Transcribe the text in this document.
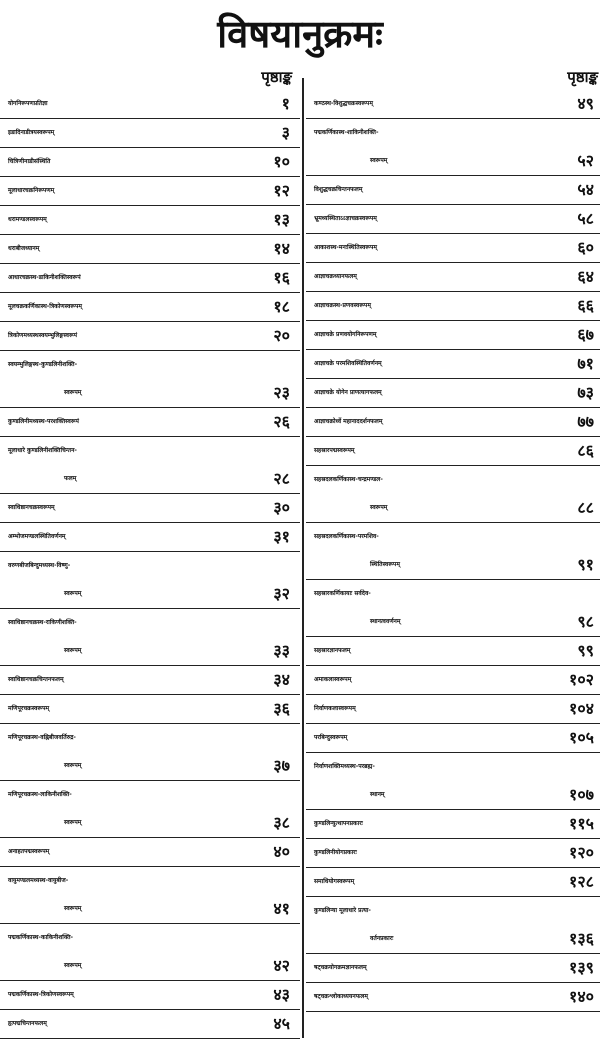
विषयानुक्रमः
पृष्ठाङ्क
योगनिरूपणप्रतिज्ञा	१
इडादिनाडीत्रयस्वरूपम्	३
चित्रिणीनाडीसंस्थिति	१०
मूलाधारचक्रनिरूपणम्	१२
धरामण्डलस्वरूपम्	१३
धराबीजध्यानम्	१४
आधारचक्रस्थ-डाकिनीशक्तिस्वरूपं	१६
मूलचक्रकर्णिकास्थ-त्रिकोणस्वरूपम्	१८
त्रिकोणमध्यस्थस्वयम्भुलिङ्गस्वरूपं	२०
स्वयम्भुलिङ्गस्थ-कुण्डलिनीशक्ति-
स्वरूपम्	२३
कुण्डलिनीमध्यस्थ-परशक्तिस्वरूपं	२६
मूलाधारे कुण्डलिनीशक्तिचिन्तन-
फलम्	२८
स्वाधिष्ठानचक्रस्वरूपम्	३०
अम्भोजमण्डलस्थितिवर्णनम्	३१
वरुणबीजबिन्दुमध्यस्थ-विष्णु-
स्वरूपम्	३२
स्वाधिष्ठानचक्रस्थ-राकिणीशक्ति-
स्वरूपम्	३३
स्वाधिष्ठानचक्रचिन्तनफलम्	३४
मणिपूरचक्रस्वरूपम्	३६
मणिपूरचक्रस्थ-वह्निबीजवर्तिरुद्र-
स्वरूपम्	३७
मणिपूरचक्रस्थ-लाकिनीशक्ति-
स्वरूपम्	३८
अनाहतपद्मस्वरूपम्	४०
वायुमण्डलमध्यस्थ-वायुबीज-
स्वरूपम्	४१
पद्मकर्णिकास्थ-काकिनीशक्ति-
स्वरूपम्	४२
पद्मकर्णिकास्थ-त्रिकोणस्वरूपम्	४३
हृत्पद्मचिन्तनफलम्	४५
पृष्ठाङ्क
कण्ठस्थ-विशुद्धचक्रस्वरूपम्	४९
पद्मकर्णिकास्थ-शाकिनीशक्ति-
स्वरूपम्	५२
विशुद्धचक्रचिन्तनफलम्	५४
भ्रूमध्यस्थिताऽऽज्ञाचक्रस्वरूपम्	५८
आकाशस्थ-मनःस्थितिस्वरूपम्	६०
आज्ञाचक्रध्यानफलम्	६४
आज्ञाचक्रस्थ-प्रणवस्वरूपम्	६६
आज्ञाचक्रे प्रणवयोगनिरूपणम्	६७
आज्ञाचक्रे परमशिवस्थितिवर्णनम्	७१
आज्ञाचक्रे योगेन प्राणत्यागफलम्	७३
आज्ञाचक्रोर्ध्वे महानाददर्शनफलम्	७७
सहस्रारपद्मस्वरूपम्	८६
सहस्रदलकर्णिकास्थ-चन्द्रमण्डल-
स्वरूपम्	८८
सहस्रदलकर्णिकास्थ-परमशिव-
स्थितिस्वरूपम्	९१
सहस्रारकर्णिकायाः सर्वदेव-
स्थानत्ववर्णनम्	९८
सहस्रारज्ञानफलम्	९९
अमाकलास्वरूपम्	१०२
निर्वाणकलास्वरूपम्	१०४
परबिन्दुस्वरूपम्	१०५
निर्वाणशक्तिमध्यस्थ-परब्रह्म-
स्थानम्	१०७
कुण्डलिन्युत्थापनप्रकारः	११५
कुण्डलिनीयोगप्रकारः	१२०
समाधियोगस्वरूपम्	१२८
कुण्डलिन्या मूलाधारे प्रत्या-
वर्तनप्रकारः	१३६
षट्चक्रयोगक्रमज्ञानफलम्	१३९
षट्चक्रश्लोकाध्ययनफलम्	१४०
